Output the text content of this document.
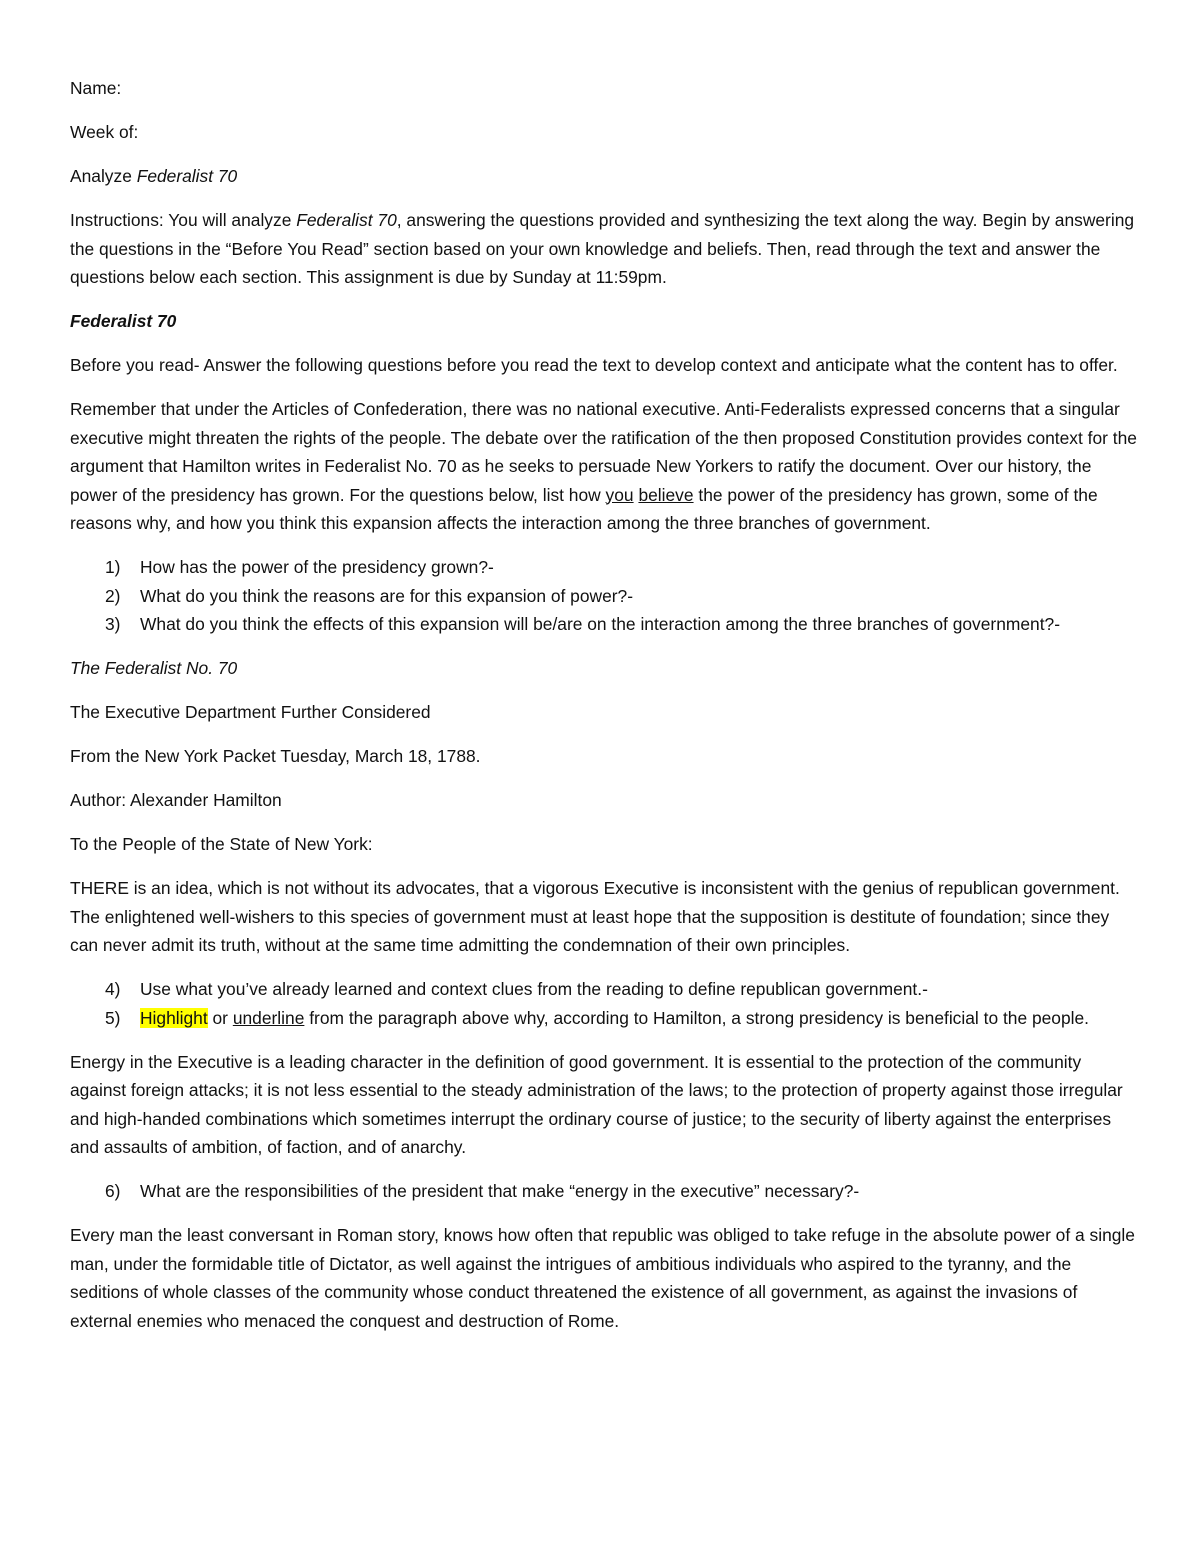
Name:

Week of:

Analyze Federalist 70

Instructions: You will analyze Federalist 70, answering the questions provided and synthesizing the text along the way. Begin by answering the questions in the “Before You Read” section based on your own knowledge and beliefs. Then, read through the text and answer the questions below each section. This assignment is due by Sunday at 11:59pm.

Federalist 70

Before you read- Answer the following questions before you read the text to develop context and anticipate what the content has to offer.

Remember that under the Articles of Confederation, there was no national executive. Anti-Federalists expressed concerns that a singular executive might threaten the rights of the people. The debate over the ratification of the then proposed Constitution provides context for the argument that Hamilton writes in Federalist No. 70 as he seeks to persuade New Yorkers to ratify the document. Over our history, the power of the presidency has grown. For the questions below, list how you believe the power of the presidency has grown, some of the reasons why, and how you think this expansion affects the interaction among the three branches of government.

1)	How has the power of the presidency grown?-
2)	What do you think the reasons are for this expansion of power?-
3)	What do you think the effects of this expansion will be/are on the interaction among the three branches of government?-

The Federalist No. 70

The Executive Department Further Considered

From the New York Packet Tuesday, March 18, 1788.

Author: Alexander Hamilton

To the People of the State of New York:

THERE is an idea, which is not without its advocates, that a vigorous Executive is inconsistent with the genius of republican government. The enlightened well-wishers to this species of government must at least hope that the supposition is destitute of foundation; since they can never admit its truth, without at the same time admitting the condemnation of their own principles.

4)	Use what you’ve already learned and context clues from the reading to define republican government.-
5)	Highlight or underline from the paragraph above why, according to Hamilton, a strong presidency is beneficial to the people.

Energy in the Executive is a leading character in the definition of good government. It is essential to the protection of the community against foreign attacks; it is not less essential to the steady administration of the laws; to the protection of property against those irregular and high-handed combinations which sometimes interrupt the ordinary course of justice; to the security of liberty against the enterprises and assaults of ambition, of faction, and of anarchy.

6)	What are the responsibilities of the president that make “energy in the executive” necessary?-

Every man the least conversant in Roman story, knows how often that republic was obliged to take refuge in the absolute power of a single man, under the formidable title of Dictator, as well against the intrigues of ambitious individuals who aspired to the tyranny, and the seditions of whole classes of the community whose conduct threatened the existence of all government, as against the invasions of external enemies who menaced the conquest and destruction of Rome.
